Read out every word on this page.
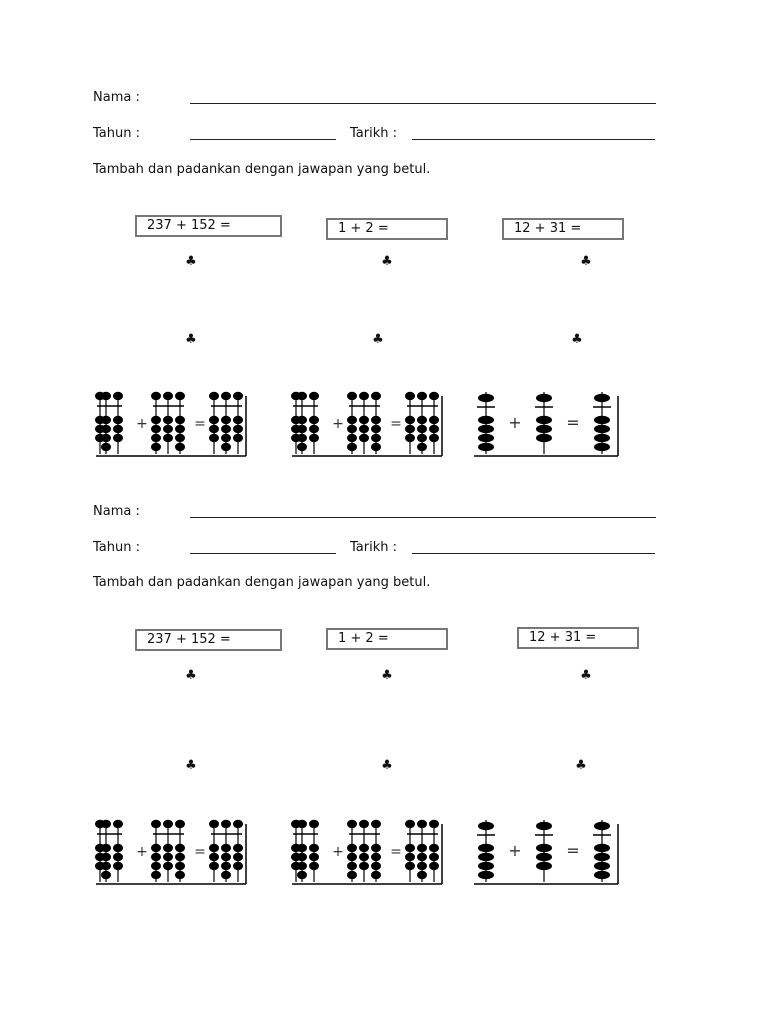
Nama :
Tahun :	Tarikh :
Tambah dan padankan dengan jawapan yang betul.
237 + 152 =	1 + 2 =	12 + 31 =
♣	♣	♣
♣	♣	♣
+	=	+	=	+	=
Nama :
Tahun :	Tarikh :
Tambah dan padankan dengan jawapan yang betul.
237 + 152 =	1 + 2 =	12 + 31 =
♣	♣	♣
♣	♣	♣
+	=	+	=	+	=
